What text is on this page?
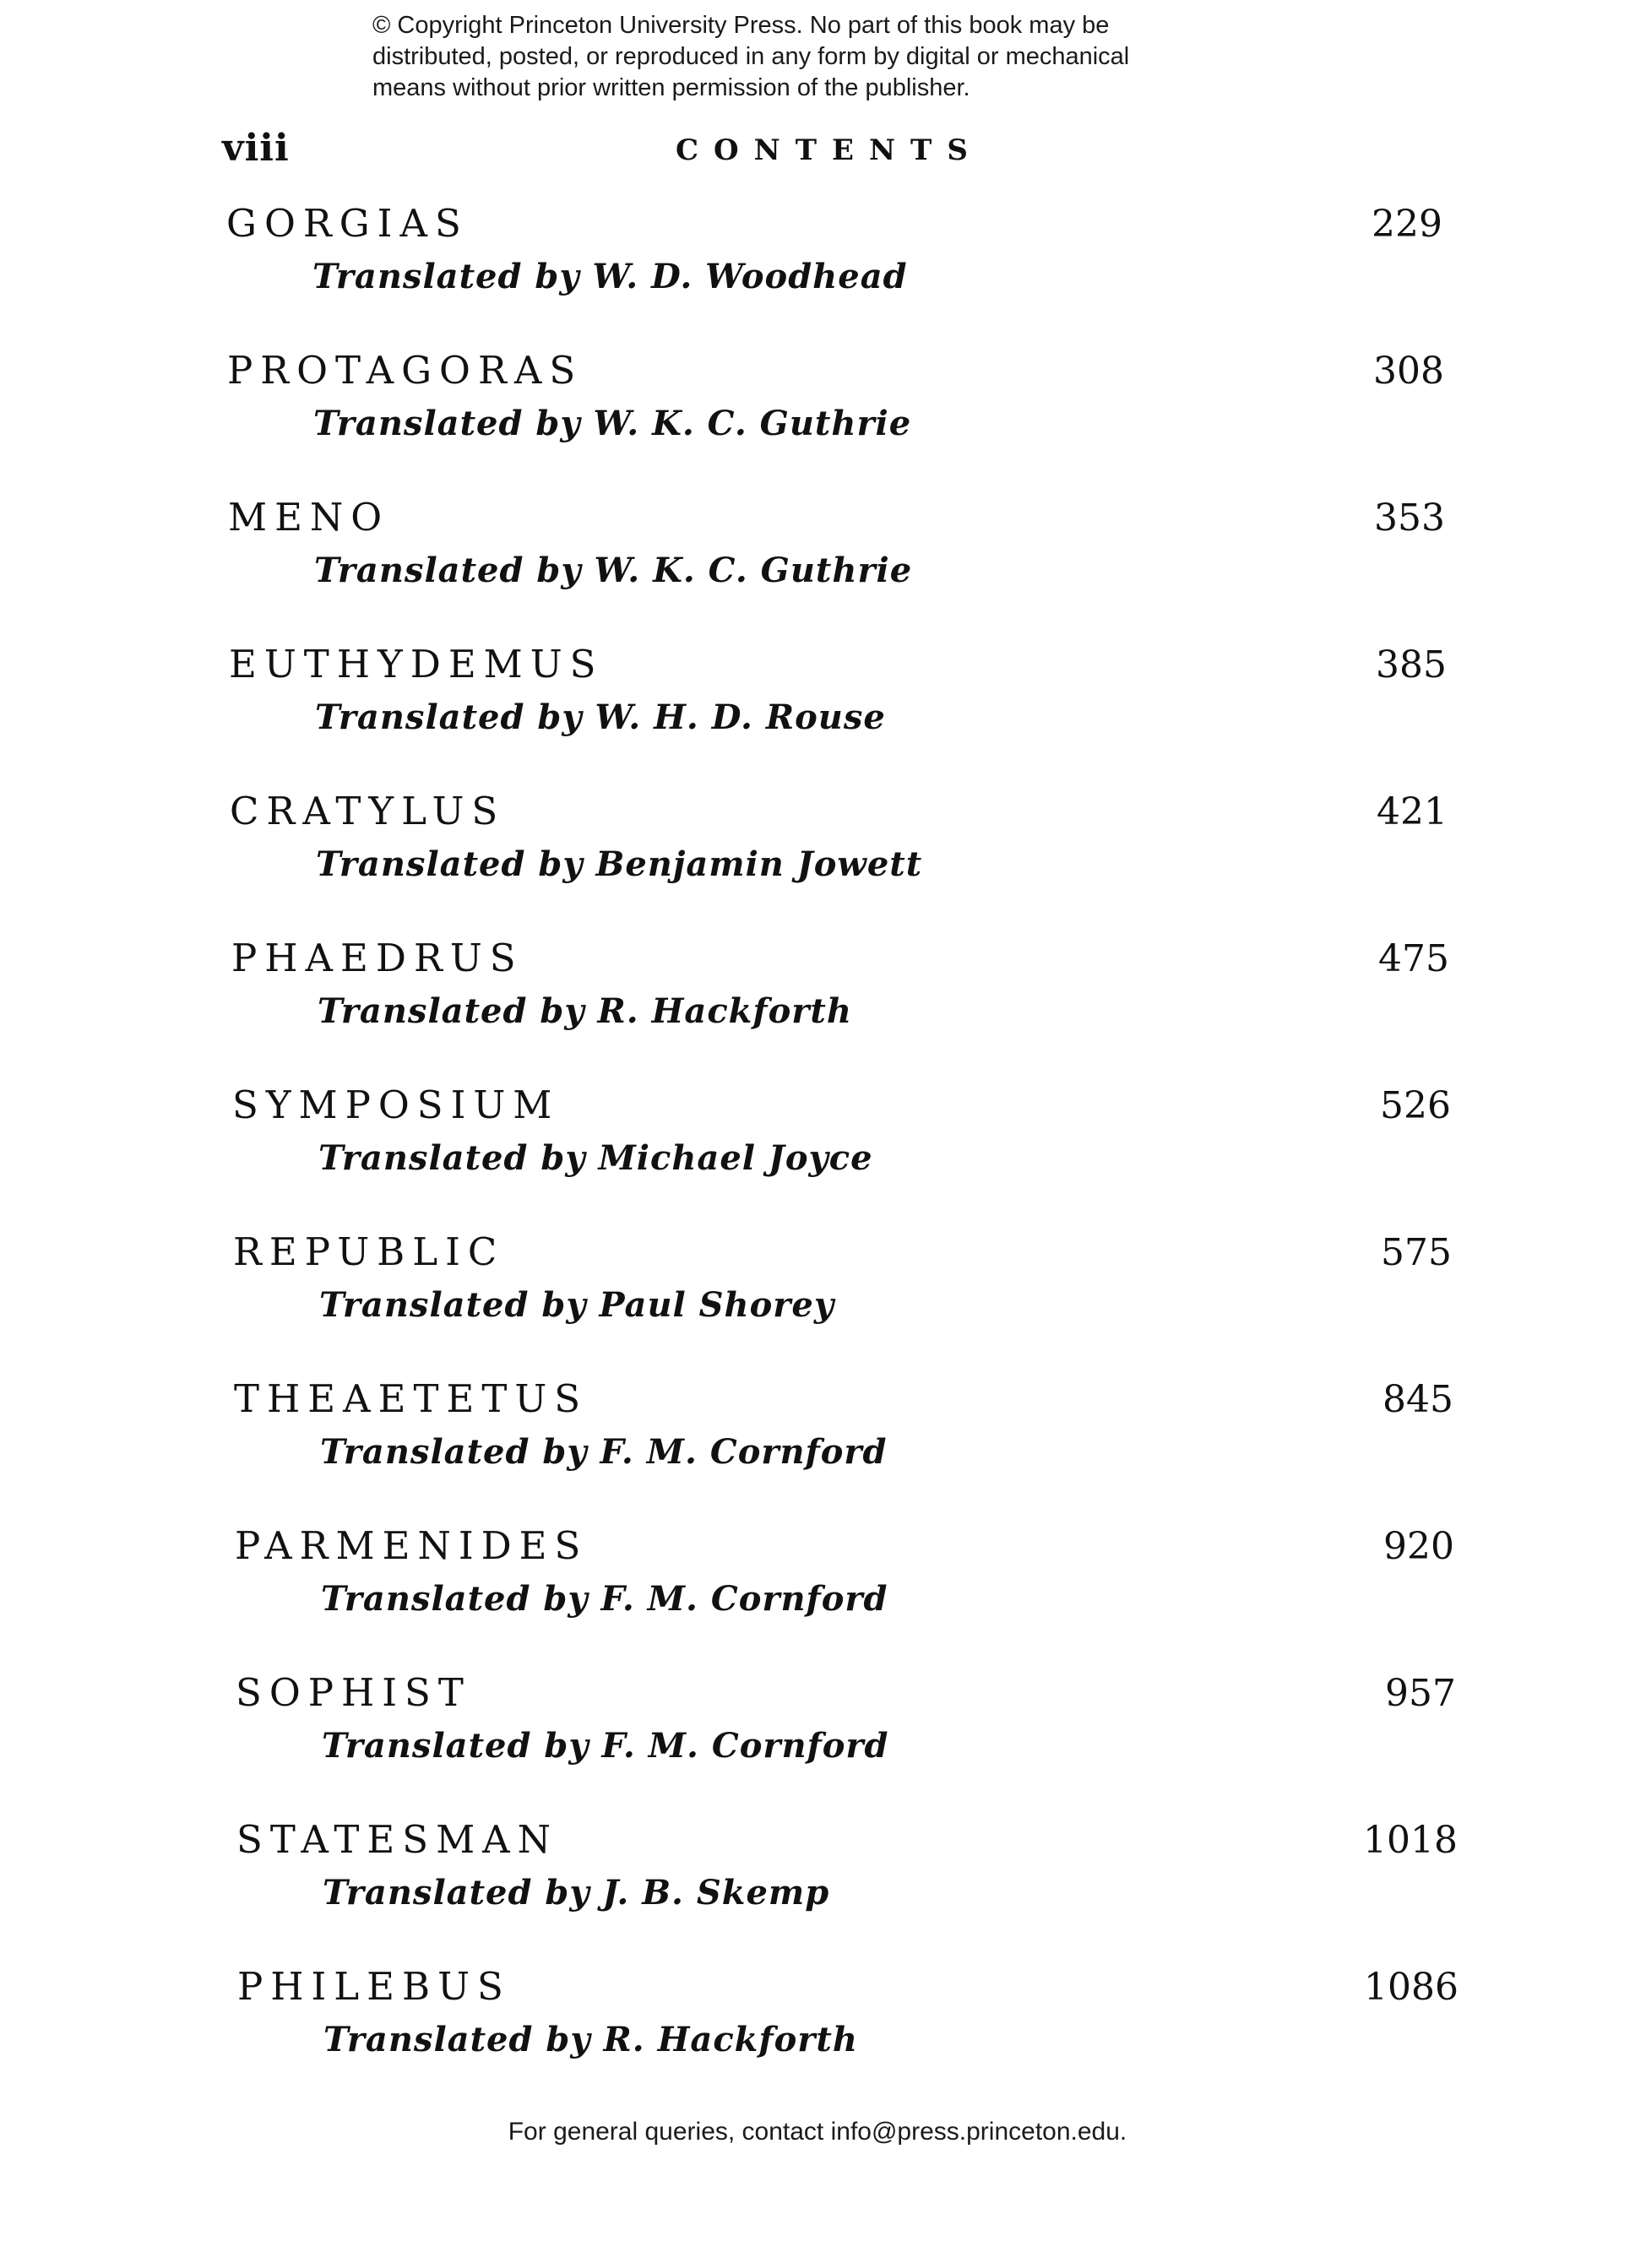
© Copyright Princeton University Press. No part of this book may be
distributed, posted, or reproduced in any form by digital or mechanical
means without prior written permission of the publisher.
viii	CONTENTS
GORGIAS	229
Translated by W. D. Woodhead
PROTAGORAS	308
Translated by W. K. C. Guthrie
MENO	353
Translated by W. K. C. Guthrie
EUTHYDEMUS	385
Translated by W. H. D. Rouse
CRATYLUS	421
Translated by Benjamin Jowett
PHAEDRUS	475
Translated by R. Hackforth
SYMPOSIUM	526
Translated by Michael Joyce
REPUBLIC	575
Translated by Paul Shorey
THEAETETUS	845
Translated by F. M. Cornford
PARMENIDES	920
Translated by F. M. Cornford
SOPHIST	957
Translated by F. M. Cornford
STATESMAN	1018
Translated by J. B. Skemp
PHILEBUS	1086
Translated by R. Hackforth
For general queries, contact info@press.princeton.edu.
